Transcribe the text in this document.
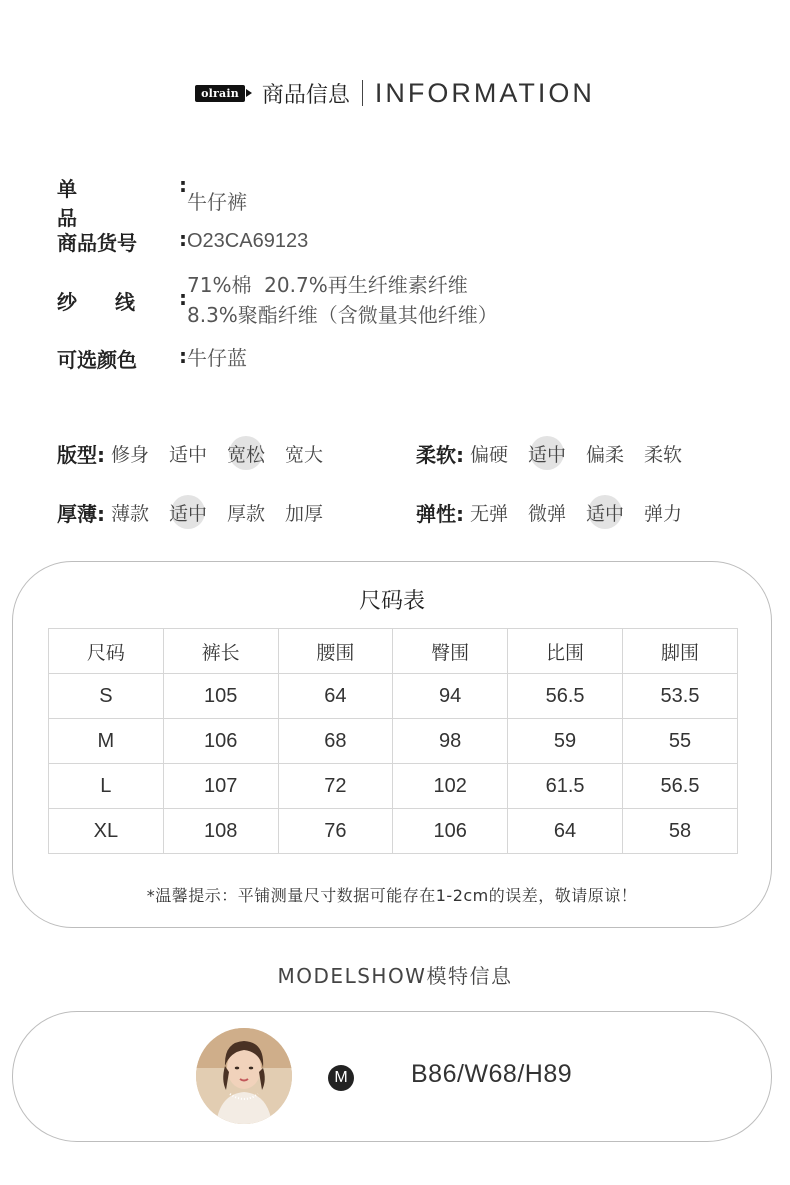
olrain 商品信息 INFORMATION
单品
:
牛仔裤
商品货号 : O23CA69123
纱线 :
71%棉  20.7%再生纤维素纤维
8.3%聚酯纤维（含微量其他纤维）
可选颜色 : 牛仔蓝
版型: 修身 适中 宽松 宽大	柔软: 偏硬 适中 偏柔 柔软
厚薄: 薄款 适中 厚款 加厚	弹性: 无弹 微弹 适中 弹力
尺码表
尺码	裤长	腰围	臀围	比围	脚围
S	105	64	94	56.5	53.5
M	106	68	98	59	55
L	107	72	102	61.5	56.5
XL	108	76	106	64	58
*温馨提示：平铺测量尺寸数据可能存在1-2cm的误差，敬请原谅！
MODELSHOW模特信息
M	B86/W68/H89
